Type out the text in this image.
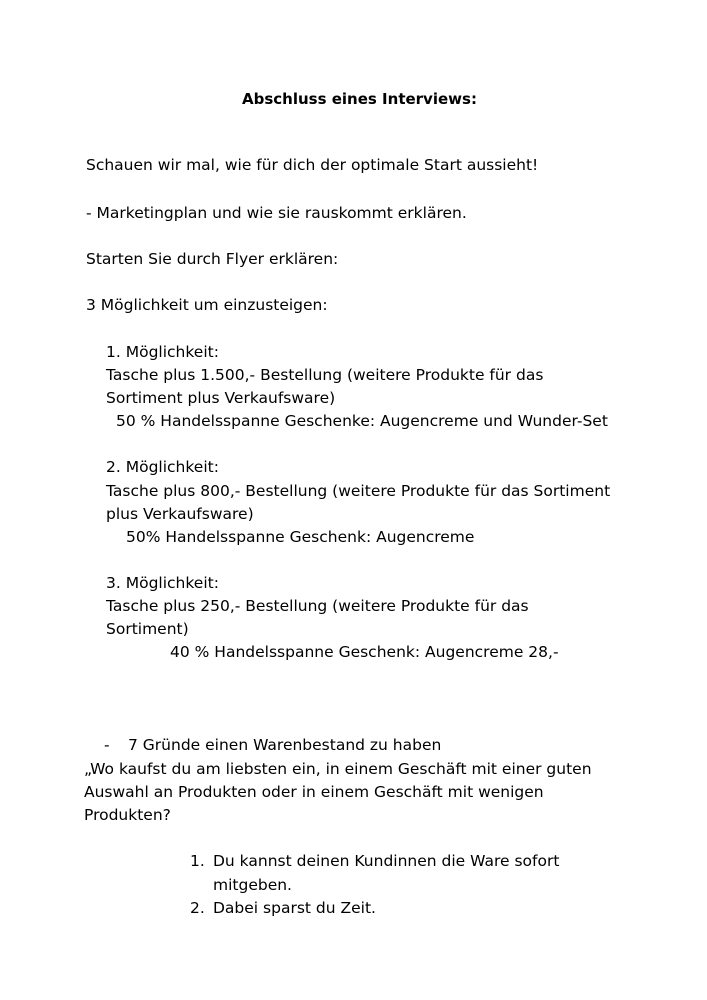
Abschluss eines Interviews:
Schauen wir mal, wie für dich der optimale Start aussieht!
- Marketingplan und wie sie rauskommt erklären.
Starten Sie durch Flyer erklären:
3 Möglichkeit um einzusteigen:
1. Möglichkeit:
Tasche plus 1.500,- Bestellung (weitere Produkte für das
Sortiment plus Verkaufsware)
50 % Handelsspanne Geschenke: Augencreme und Wunder-Set
2. Möglichkeit:
Tasche plus 800,- Bestellung (weitere Produkte für das Sortiment
plus Verkaufsware)
50% Handelsspanne Geschenk: Augencreme
3. Möglichkeit:
Tasche plus 250,- Bestellung (weitere Produkte für das
Sortiment)
40 % Handelsspanne Geschenk: Augencreme 28,-
- 7 Gründe einen Warenbestand zu haben
„Wo kaufst du am liebsten ein, in einem Geschäft mit einer guten
Auswahl an Produkten oder in einem Geschäft mit wenigen
Produkten?
1. Du kannst deinen Kundinnen die Ware sofort
mitgeben.
2. Dabei sparst du Zeit.
